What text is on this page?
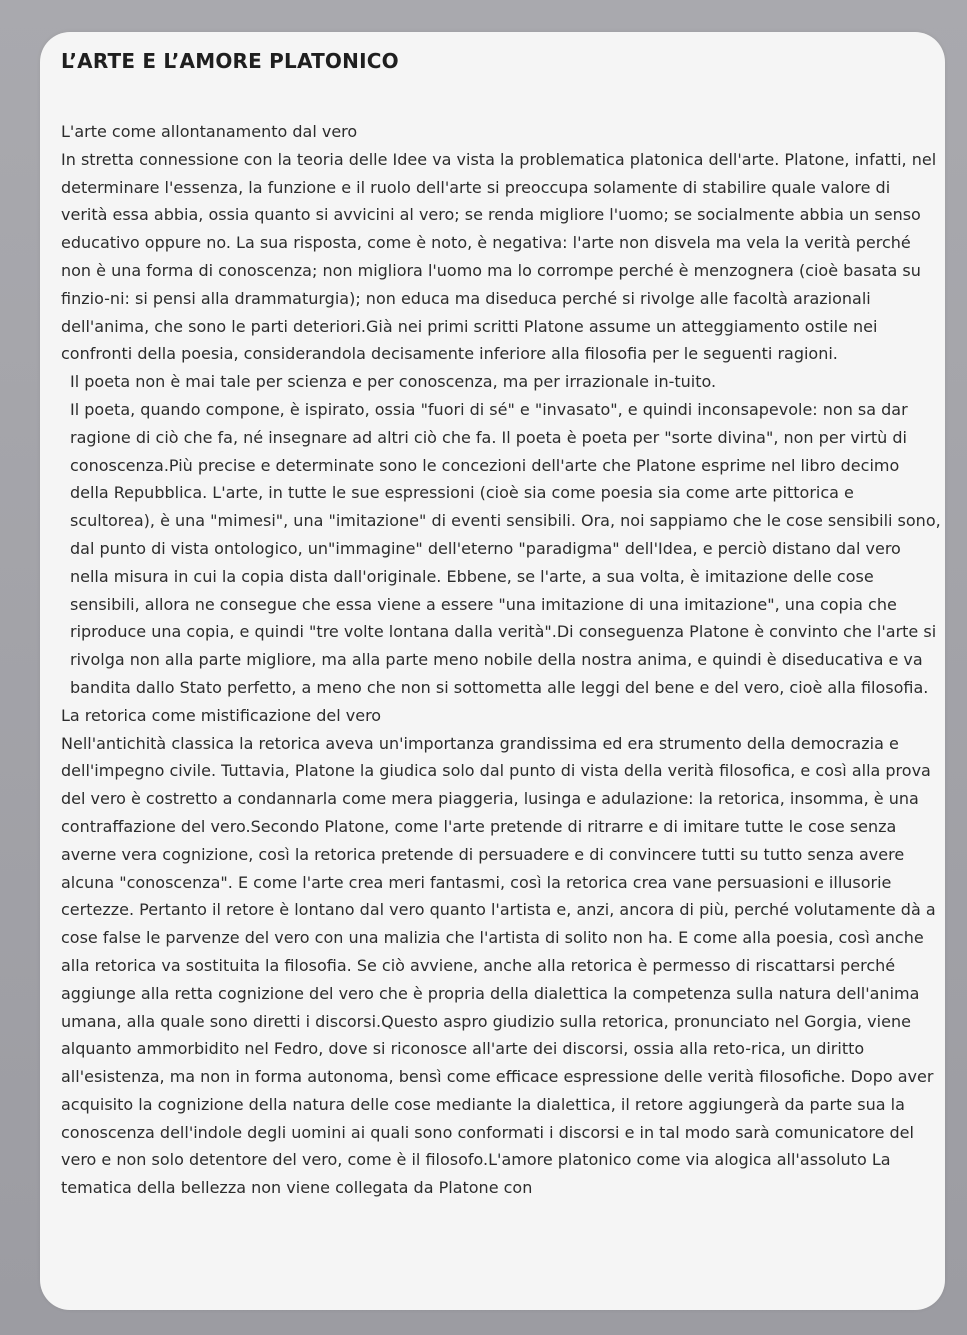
L’ARTE E L’AMORE PLATONICO

L'arte come allontanamento dal vero

In stretta connessione con la teoria delle Idee va vista la problematica platonica dell'arte. Platone, infatti, nel determinare l'essenza, la funzione e il ruolo dell'arte si preoccupa solamente di stabilire quale valore di verità essa abbia, ossia quanto si avvicini al vero; se renda migliore l'uomo; se socialmente abbia un senso educativo oppure no. La sua risposta, come è noto, è negativa: l'arte non disvela ma vela la verità perché non è una forma di conoscenza; non migliora l'uomo ma lo corrompe perché è menzognera (cioè basata su finzio-ni: si pensi alla drammaturgia); non educa ma diseduca perché si rivolge alle facoltà arazionali dell'anima, che sono le parti deteriori.Già nei primi scritti Platone assume un atteggiamento ostile nei confronti della poesia, considerandola decisamente inferiore alla filosofia per le seguenti ragioni.

Il poeta non è mai tale per scienza e per conoscenza, ma per irrazionale in-tuito.

Il poeta, quando compone, è ispirato, ossia "fuori di sé" e "invasato", e quindi inconsapevole: non sa dar ragione di ciò che fa, né insegnare ad altri ciò che fa. Il poeta è poeta per "sorte divina", non per virtù di conoscenza.Più precise e determinate sono le concezioni dell'arte che Platone esprime nel libro decimo della Repubblica. L'arte, in tutte le sue espressioni (cioè sia come poesia sia come arte pittorica e scultorea), è una "mimesi", una "imitazione" di eventi sensibili. Ora, noi sappiamo che le cose sensibili sono, dal punto di vista ontologico, un"immagine" dell'eterno "paradigma" dell'Idea, e perciò distano dal vero nella misura in cui la copia dista dall'originale. Ebbene, se l'arte, a sua volta, è imitazione delle cose sensibili, allora ne consegue che essa viene a essere "una imitazione di una imitazione", una copia che riproduce una copia, e quindi "tre volte lontana dalla verità".Di conseguenza Platone è convinto che l'arte si rivolga non alla parte migliore, ma alla parte meno nobile della nostra anima, e quindi è diseducativa e va bandita dallo Stato perfetto, a meno che non si sottometta alle leggi del bene e del vero, cioè alla filosofia.

La retorica come mistificazione del vero

Nell'antichità classica la retorica aveva un'importanza grandissima ed era strumento della democrazia e dell'impegno civile. Tuttavia, Platone la giudica solo dal punto di vista della verità filosofica, e così alla prova del vero è costretto a condannarla come mera piaggeria, lusinga e adulazione: la retorica, insomma, è una contraffazione del vero.Secondo Platone, come l'arte pretende di ritrarre e di imitare tutte le cose senza averne vera cognizione, così la retorica pretende di persuadere e di convincere tutti su tutto senza avere alcuna "conoscenza". E come l'arte crea meri fantasmi, così la retorica crea vane persuasioni e illusorie certezze. Pertanto il retore è lontano dal vero quanto l'artista e, anzi, ancora di più, perché volutamente dà a cose false le parvenze del vero con una malizia che l'artista di solito non ha. E come alla poesia, così anche alla retorica va sostituita la filosofia. Se ciò avviene, anche alla retorica è permesso di riscattarsi perché aggiunge alla retta cognizione del vero che è propria della dialettica la competenza sulla natura dell'anima umana, alla quale sono diretti i discorsi.Questo aspro giudizio sulla retorica, pronunciato nel Gorgia, viene alquanto ammorbidito nel Fedro, dove si riconosce all'arte dei discorsi, ossia alla reto-rica, un diritto all'esistenza, ma non in forma autonoma, bensì come efficace espressione delle verità filosofiche. Dopo aver acquisito la cognizione della natura delle cose mediante la dialettica, il retore aggiungerà da parte sua la conoscenza dell'indole degli uomini ai quali sono conformati i discorsi e in tal modo sarà comunicatore del vero e non solo detentore del vero, come è il filosofo.L'amore platonico come via alogica all'assoluto La tematica della bellezza non viene collegata da Platone con
